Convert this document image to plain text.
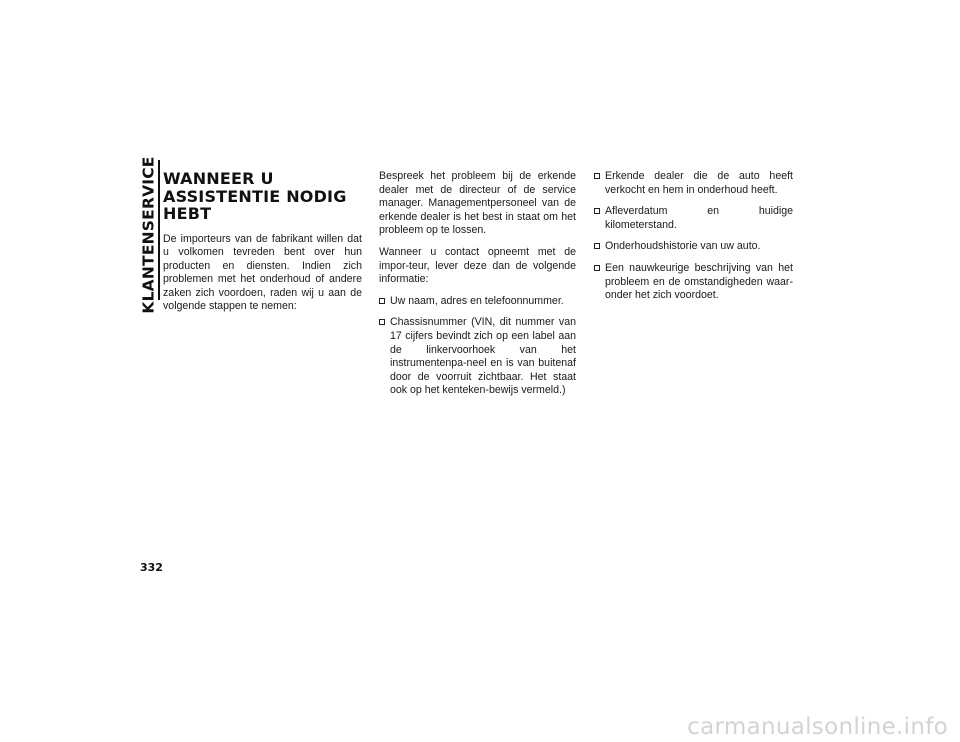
KLANTENSERVICE WANNEER U ASSISTENTIE NODIG HEBT

De importeurs van de fabrikant willen dat u volkomen tevreden bent over hun producten en diensten. Indien zich problemen met het onderhoud of andere zaken zich voordoen, raden wij u aan de volgende stappen te nemen:

Bespreek het probleem bij de erkende dealer met de directeur of de service manager. Managementpersoneel van de erkende dealer is het best in staat om het probleem op te lossen.

Wanneer u contact opneemt met de impor-teur, lever deze dan de volgende informatie:

Uw naam, adres en telefoonnummer.
Chassisnummer (VIN, dit nummer van 17 cijfers bevindt zich op een label aan de linkervoorhoek van het instrumentenpa-neel en is van buitenaf door de voorruit zichtbaar. Het staat ook op het kenteken-bewijs vermeld.)
Erkende dealer die de auto heeft verkocht en hem in onderhoud heeft.
Afleverdatum en huidige kilometerstand.
Onderhoudshistorie van uw auto.
Een nauwkeurige beschrijving van het probleem en de omstandigheden waar-onder het zich voordoet.
332
carmanualsonline.info
